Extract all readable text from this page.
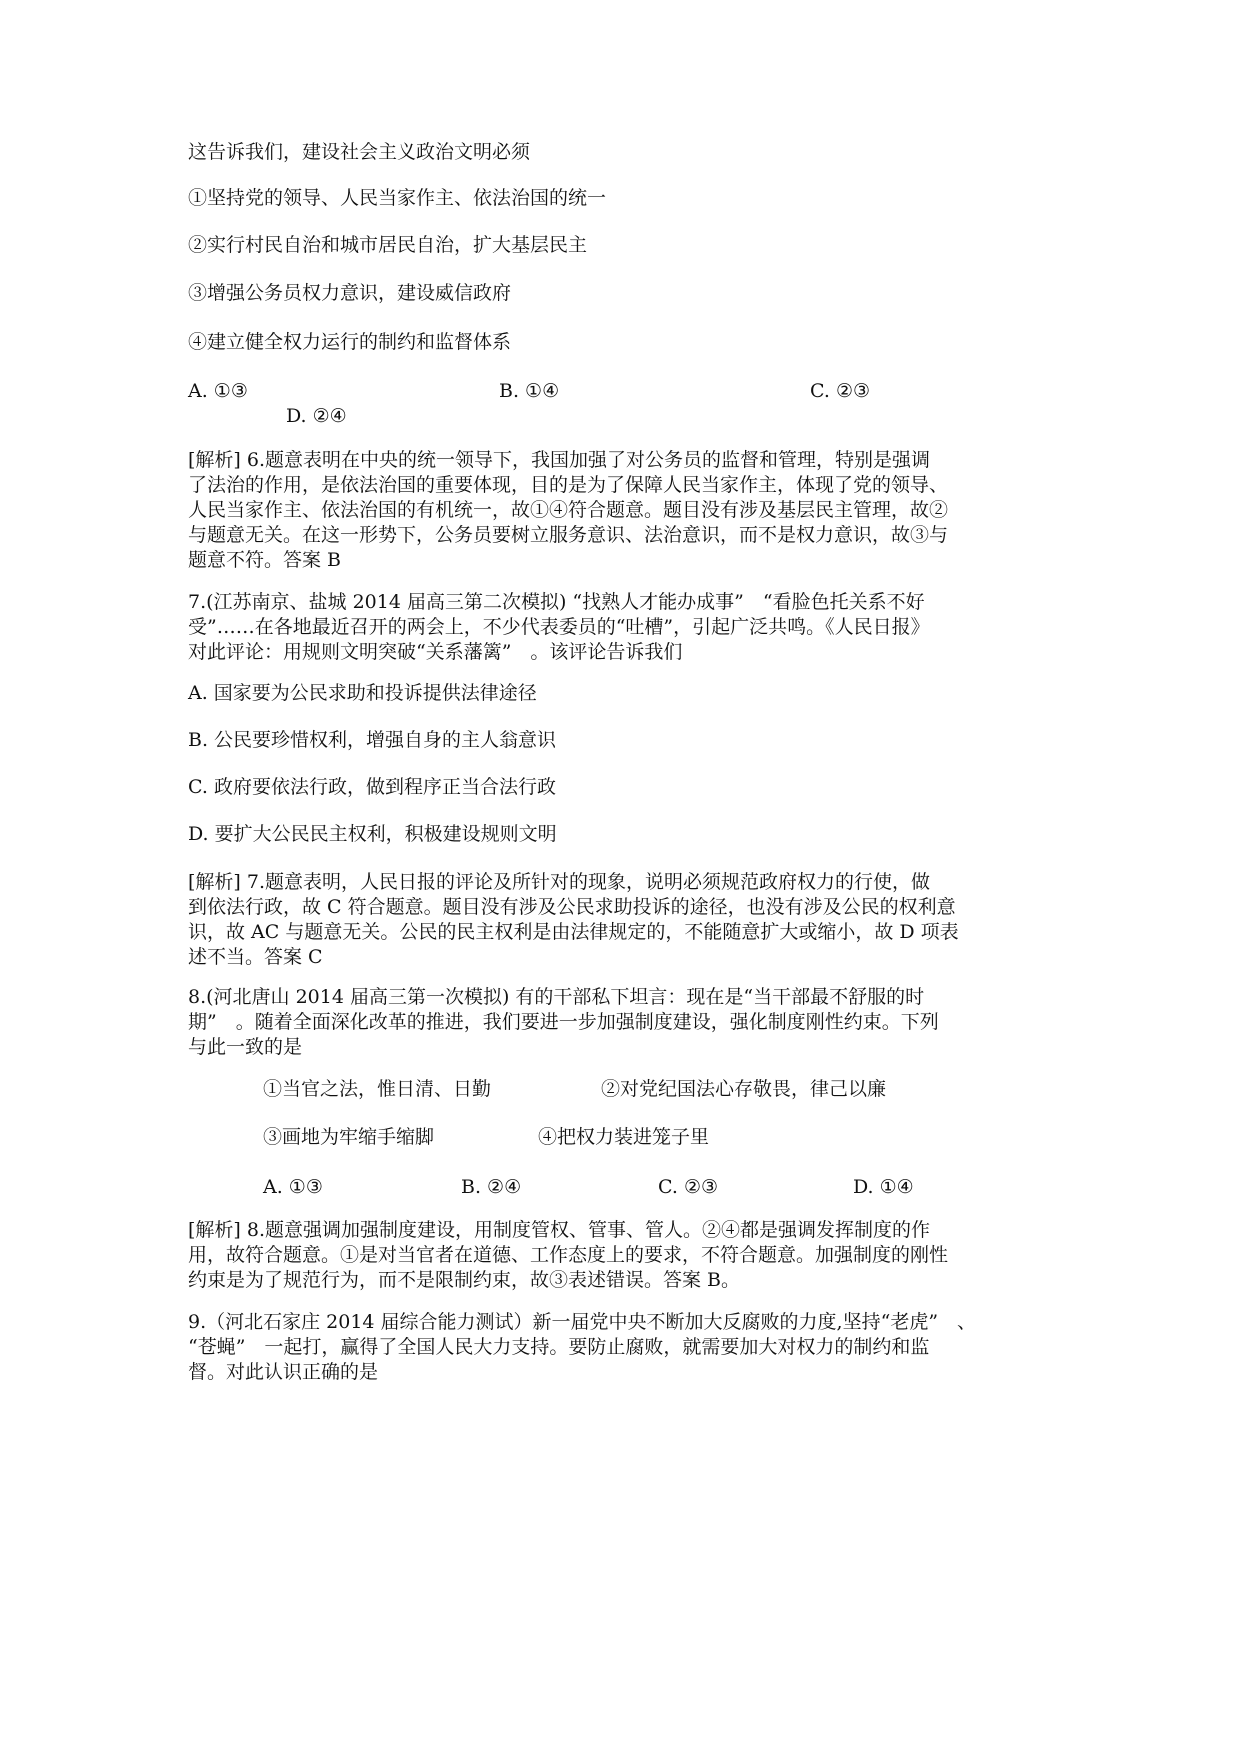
这告诉我们，建设社会主义政治文明必须

①坚持党的领导、人民当家作主、依法治国的统一

②实行村民自治和城市居民自治，扩大基层民主

③增强公务员权力意识，建设威信政府

④建立健全权力运行的制约和监督体系

A. ①③	B. ①④	C. ②③
D. ②④

[解析] 6.题意表明在中央的统一领导下，我国加强了对公务员的监督和管理，特别是强调

了法治的作用，是依法治国的重要体现，目的是为了保障人民当家作主，体现了党的领导、

人民当家作主、依法治国的有机统一，故①④符合题意。题目没有涉及基层民主管理，故②

与题意无关。在这一形势下，公务员要树立服务意识、法治意识，而不是权力意识，故③与

题意不符。答案 B

7.(江苏南京、盐城 2014 届高三第二次模拟) “找熟人才能办成事”　“看脸色托关系不好

受”……在各地最近召开的两会上，不少代表委员的“吐槽”，引起广泛共鸣。《人民日报》

对此评论：用规则文明突破“关系藩篱”　。该评论告诉我们

A. 国家要为公民求助和投诉提供法律途径

B. 公民要珍惜权利，增强自身的主人翁意识

C. 政府要依法行政，做到程序正当合法行政

D. 要扩大公民民主权利，积极建设规则文明

[解析] 7.题意表明，人民日报的评论及所针对的现象，说明必须规范政府权力的行使，做

到依法行政，故 C 符合题意。题目没有涉及公民求助投诉的途径，也没有涉及公民的权利意

识，故 AC 与题意无关。公民的民主权利是由法律规定的，不能随意扩大或缩小，故 D 项表

述不当。答案 C

8.(河北唐山 2014 届高三第一次模拟) 有的干部私下坦言：现在是“当干部最不舒服的时

期”　。随着全面深化改革的推进，我们要进一步加强制度建设，强化制度刚性约束。下列

与此一致的是

①当官之法，惟日清、日勤	②对党纪国法心存敬畏，律己以廉
③画地为牢缩手缩脚	④把权力装进笼子里
A. ①③	B. ②④	C. ②③	D. ①④

[解析] 8.题意强调加强制度建设，用制度管权、管事、管人。②④都是强调发挥制度的作

用，故符合题意。①是对当官者在道德、工作态度上的要求，不符合题意。加强制度的刚性

约束是为了规范行为，而不是限制约束，故③表述错误。答案 B。

9.（河北石家庄 2014 届综合能力测试）新一届党中央不断加大反腐败的力度,坚持“老虎”　、

“苍蝇”　一起打，赢得了全国人民大力支持。要防止腐败，就需要加大对权力的制约和监

督。对此认识正确的是
